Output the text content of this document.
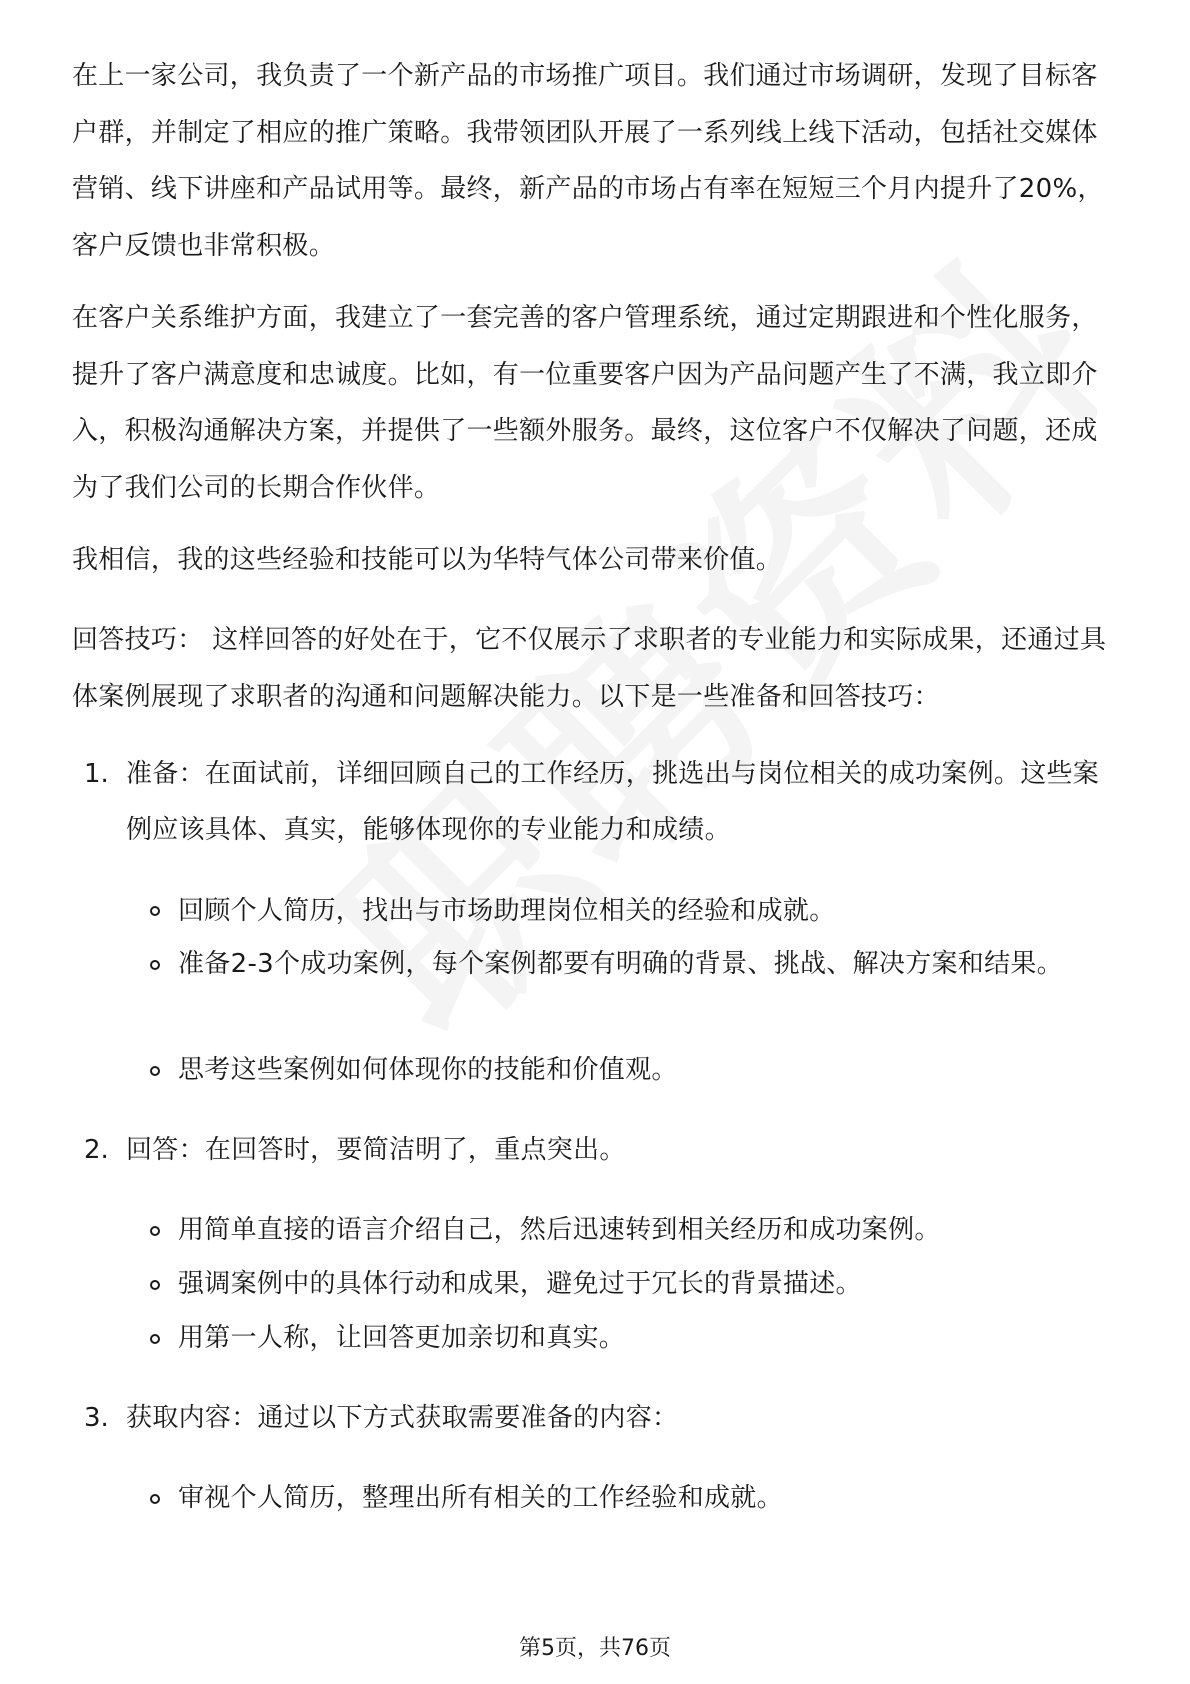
在上一家公司，我负责了一个新产品的市场推广项目。我们通过市场调研，发现了目标客户群，并制定了相应的推广策略。我带领团队开展了一系列线上线下活动，包括社交媒体营销、线下讲座和产品试用等。最终，新产品的市场占有率在短短三个月内提升了20%，客户反馈也非常积极。

在客户关系维护方面，我建立了一套完善的客户管理系统，通过定期跟进和个性化服务，提升了客户满意度和忠诚度。比如，有一位重要客户因为产品问题产生了不满，我立即介入，积极沟通解决方案，并提供了一些额外服务。最终，这位客户不仅解决了问题，还成为了我们公司的长期合作伙伴。

我相信，我的这些经验和技能可以为华特气体公司带来价值。

回答技巧： 这样回答的好处在于，它不仅展示了求职者的专业能力和实际成果，还通过具体案例展现了求职者的沟通和问题解决能力。以下是一些准备和回答技巧：

1. 准备：在面试前，详细回顾自己的工作经历，挑选出与岗位相关的成功案例。这些案例应该具体、真实，能够体现你的专业能力和成绩。

回顾个人简历，找出与市场助理岗位相关的经验和成就。

准备2-3个成功案例，每个案例都要有明确的背景、挑战、解决方案和结果。

思考这些案例如何体现你的技能和价值观。

2. 回答：在回答时，要简洁明了，重点突出。

用简单直接的语言介绍自己，然后迅速转到相关经历和成功案例。

强调案例中的具体行动和成果，避免过于冗长的背景描述。

用第一人称，让回答更加亲切和真实。

3. 获取内容：通过以下方式获取需要准备的内容：

审视个人简历，整理出所有相关的工作经验和成就。

第5页，共76页
